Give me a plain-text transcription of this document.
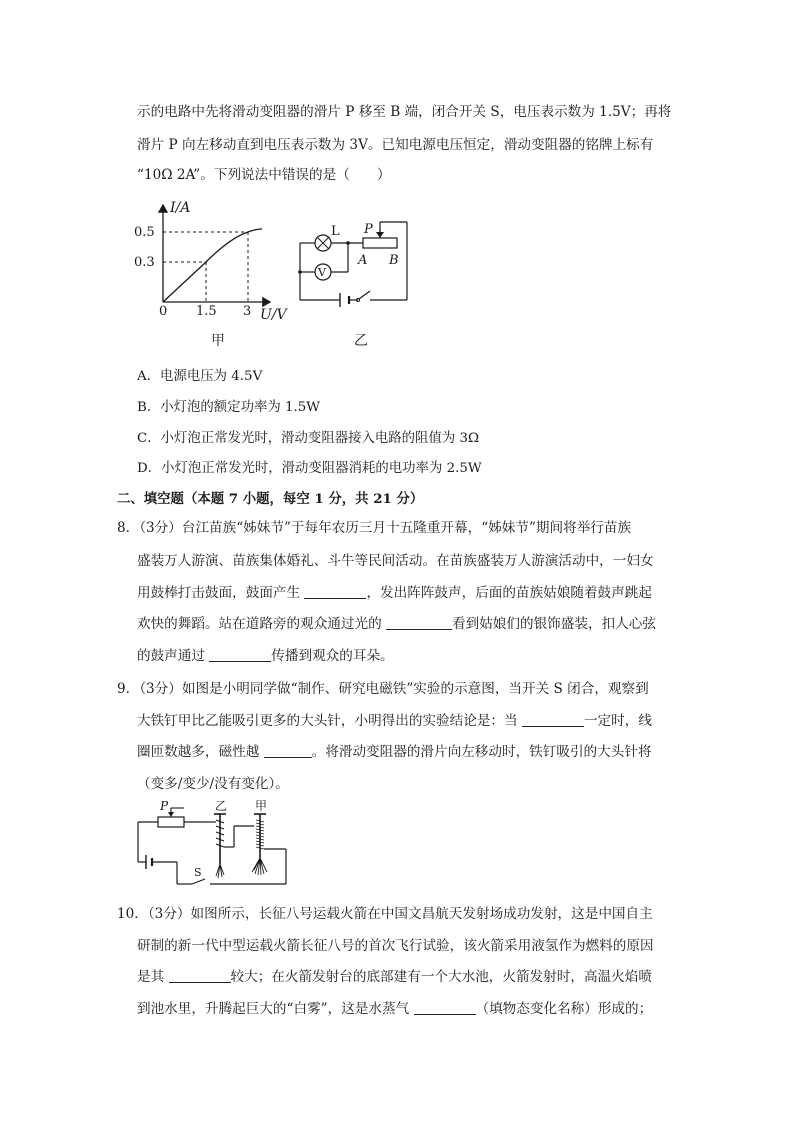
示的电路中先将滑动变阻器的滑片 P 移至 B 端，闭合开关 S，电压表示数为 1.5V；再将
滑片 P 向左移动直到电压表示数为 3V。已知电源电压恒定，滑动变阻器的铭牌上标有
“10Ω 2A”。下列说法中错误的是（　　）
I/A
U/V
0 1.5 3
0.3
0.5
甲
V
L P
A B
乙
A．电源电压为 4.5V
B．小灯泡的额定功率为 1.5W
C．小灯泡正常发光时，滑动变阻器接入电路的阻值为 3Ω
D．小灯泡正常发光时，滑动变阻器消耗的电功率为 2.5W
二、填空题（本题 7 小题，每空 1 分，共 21 分）
8．（3分）台江苗族“姊妹节”于每年农历三月十五隆重开幕，“姊妹节”期间将举行苗族
盛装万人游演、苗族集体婚礼、斗牛等民间活动。在苗族盛装万人游演活动中，一妇女
用鼓棒打击鼓面，鼓面产生	，发出阵阵鼓声，后面的苗族姑娘随着鼓声跳起
欢快的舞蹈。站在道路旁的观众通过光的	看到姑娘们的银饰盛装，扣人心弦
的鼓声通过	传播到观众的耳朵。
9．（3分）如图是小明同学做“制作、研究电磁铁”实验的示意图，当开关 S 闭合，观察到
大铁钉甲比乙能吸引更多的大头针，小明得出的实验结论是：当	一定时，线
圈匝数越多，磁性越	。将滑动变阻器的滑片向左移动时，铁钉吸引的大头针将
（变多/变少/没有变化）。
P
S
乙 甲
10．（3分）如图所示，长征八号运载火箭在中国文昌航天发射场成功发射，这是中国自主
研制的新一代中型运载火箭长征八号的首次飞行试验，该火箭采用液氢作为燃料的原因
是其	较大；在火箭发射台的底部建有一个大水池，火箭发射时，高温火焰喷
到池水里，升腾起巨大的“白雾”，这是水蒸气	（填物态变化名称）形成的；
